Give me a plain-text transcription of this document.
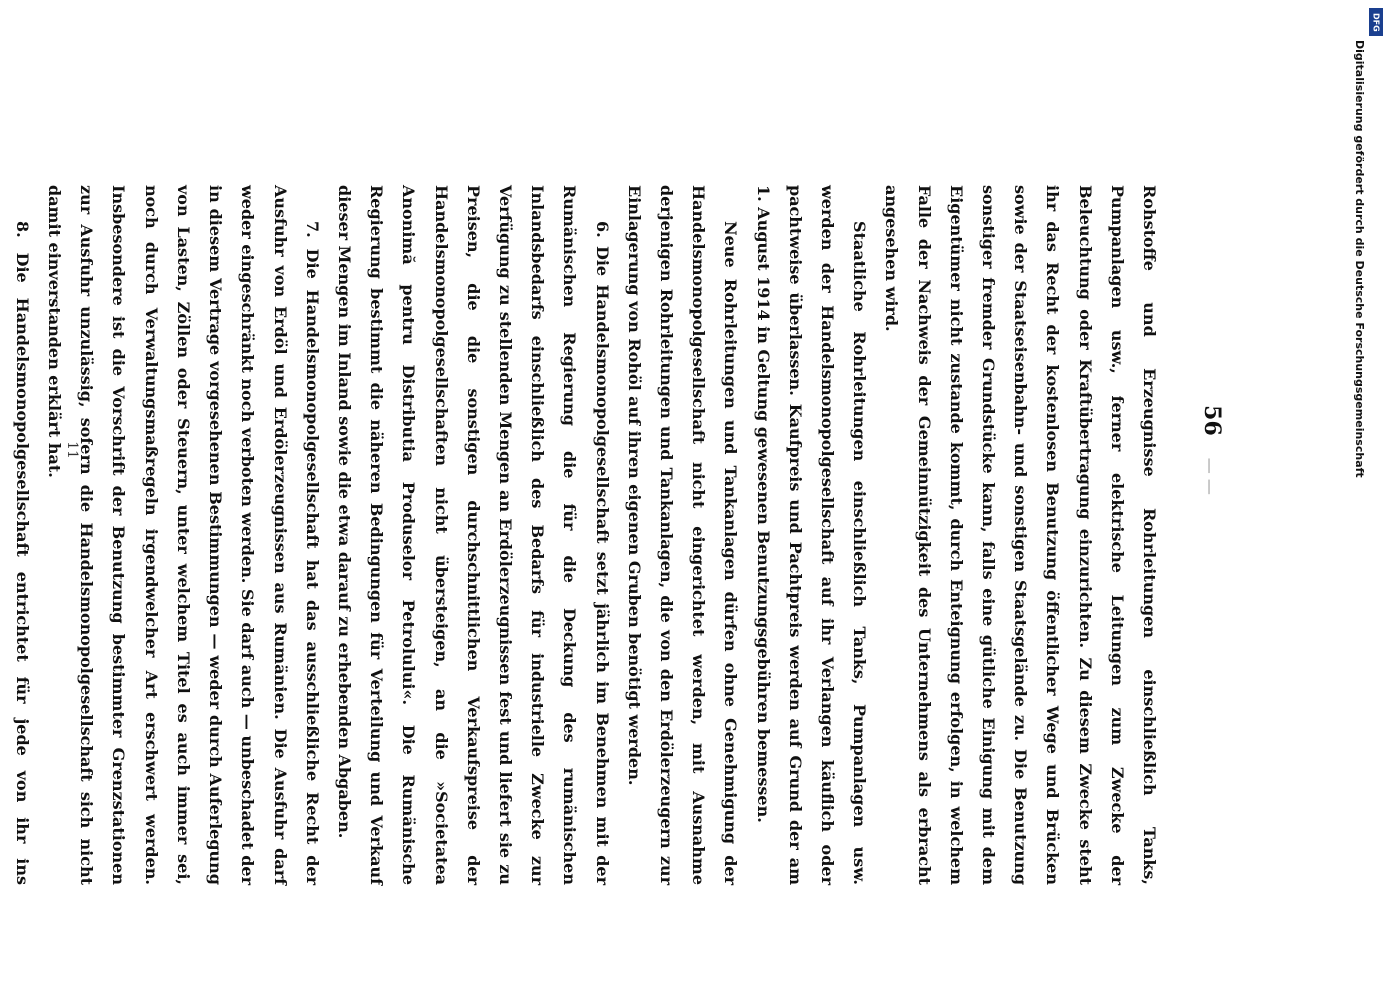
56— —

Rohstoffe und Erzeugnisse Rohrleitungen einschließlich Tanks, Pumpanlagen usw., ferner elektrische Leitungen zum Zwecke der Beleuchtung oder Kraftübertragung einzurichten. Zu diesem Zwecke steht ihr das Recht der kostenlosen Benutzung öffentlicher Wege und Brücken sowie der Staatseisenbahn- und sonstigen Staatsgelände zu. Die Benutzung sonstiger fremder Grundstücke kann, falls eine gütliche Einigung mit dem Eigentümer nicht zustande kommt, durch Enteignung erfolgen, in welchem Falle der Nachweis der Gemeinnützigkeit des Unternehmens als erbracht angesehen wird.

Staatliche Rohrleitungen einschließlich Tanks, Pumpanlagen usw. werden der Handelsmonopolgesellschaft auf ihr Verlangen käuflich oder pachtweise überlassen. Kaufpreis und Pachtpreis werden auf Grund der am 1. August 1914 in Geltung gewesenen Benutzungsgebühren bemessen.

Neue Rohrleitungen und Tankanlagen dürfen ohne Genehmigung der Handelsmonopolgesellschaft nicht eingerichtet werden, mit Ausnahme derjenigen Rohrleitungen und Tankanlagen, die von den Erdölerzeugern zur Einlagerung von Rohöl auf ihren eigenen Gruben benötigt werden.

6. Die Handelsmonopolgesellschaft setzt jährlich im Benehmen mit der Rumänischen Regierung die für die Deckung des rumänischen Inlandsbedarfs einschließlich des Bedarfs für industrielle Zwecke zur Verfügung zu stellenden Mengen an Erdölerzeugnissen fest und liefert sie zu Preisen, die die sonstigen durchschnittlichen Verkaufspreise der Handelsmonopolgesellschaften nicht übersteigen, an die »Societatea Anonimă pentru Distributia Produselor Petrolului«. Die Rumänische Regierung bestimmt die näheren Bedingungen für Verteilung und Verkauf dieser Mengen im Inland sowie die etwa darauf zu erhebenden Abgaben.

7. Die Handelsmonopolgesellschaft hat das ausschließliche Recht der Ausfuhr von Erdöl und Erdölerzeugnissen aus Rumänien. Die Ausfuhr darf weder eingeschränkt noch verboten werden. Sie darf auch — unbeschadet der in diesem Vertrage vorgesehenen Bestimmungen — weder durch Auferlegung von Lasten, Zöllen oder Steuern, unter welchem Titel es auch immer sei, noch durch Verwaltungsmaßregeln irgendwelcher Art erschwert werden. Insbesondere ist die Vorschrift der Benutzung bestimmter Grenzstationen zur Ausfuhr unzulässig, sofern die Handelsmonopolgesellschaft sich nicht damit einverstanden erklärt hat.

8. Die Handelsmonopolgesellschaft entrichtet für jede von ihr ins

11
DFG
Digitalisierung gefördert durch die Deutsche Forschungsgemeinschaft
